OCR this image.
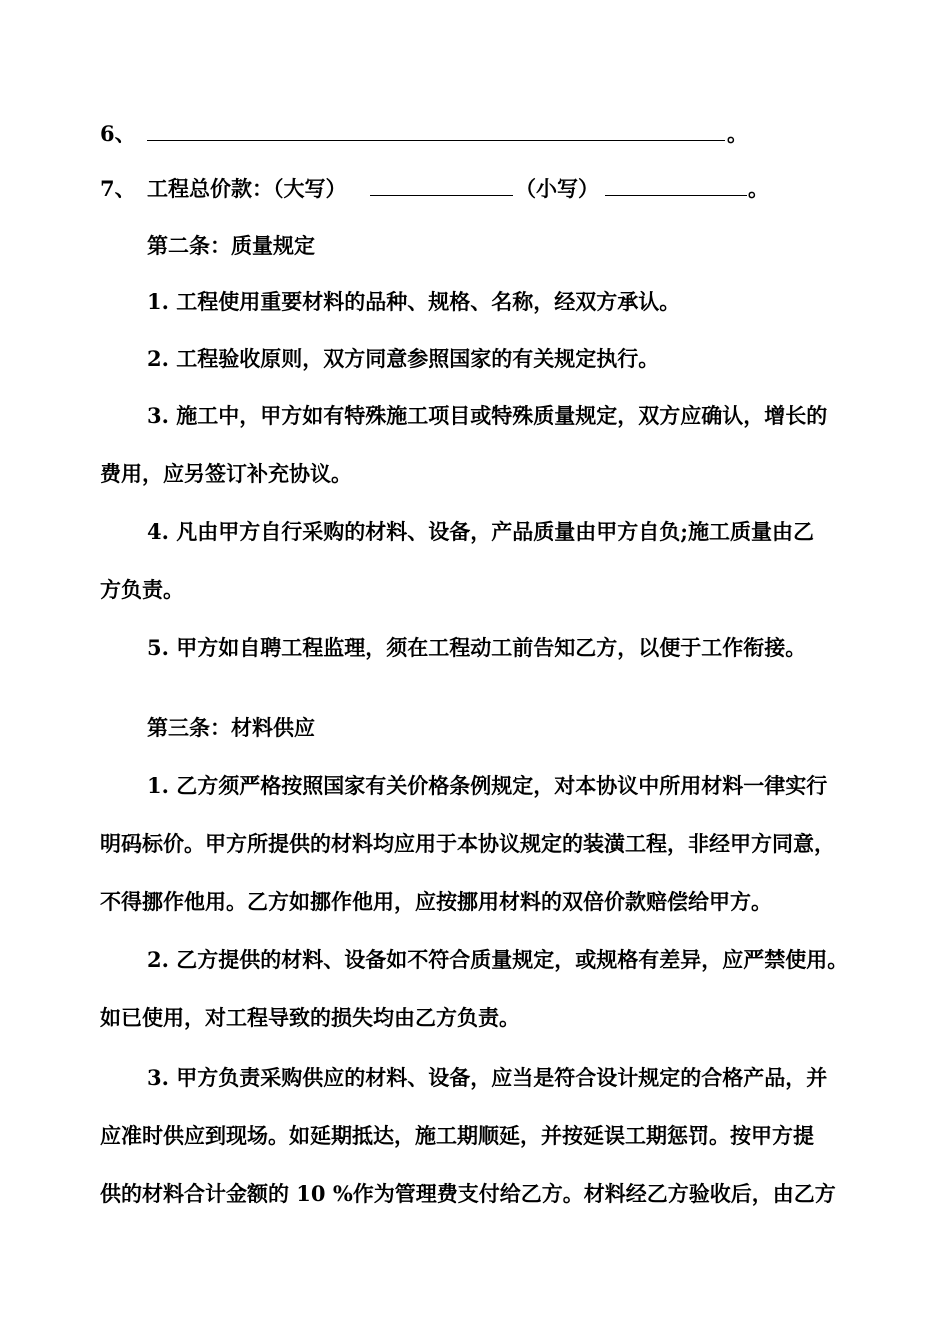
6、	。
7、 工程总价款：（大写）	（小写）	。
第二条：质量规定
1. 工程使用重要材料的品种、规格、名称，经双方承认。
2. 工程验收原则，双方同意参照国家的有关规定执行。
3. 施工中，甲方如有特殊施工项目或特殊质量规定，双方应确认，增长的
费用，应另签订补充协议。
4. 凡由甲方自行采购的材料、设备，产品质量由甲方自负;施工质量由乙
方负责。
5. 甲方如自聘工程监理，须在工程动工前告知乙方，以便于工作衔接。
第三条：材料供应
1. 乙方须严格按照国家有关价格条例规定，对本协议中所用材料一律实行
明码标价。甲方所提供的材料均应用于本协议规定的装潢工程，非经甲方同意，
不得挪作他用。乙方如挪作他用，应按挪用材料的双倍价款赔偿给甲方。
2. 乙方提供的材料、设备如不符合质量规定，或规格有差异，应严禁使用。
如已使用，对工程导致的损失均由乙方负责。
3. 甲方负责采购供应的材料、设备，应当是符合设计规定的合格产品，并
应准时供应到现场。如延期抵达，施工期顺延，并按延误工期惩罚。按甲方提
供的材料合计金额的 10 %作为管理费支付给乙方。材料经乙方验收后，由乙方
